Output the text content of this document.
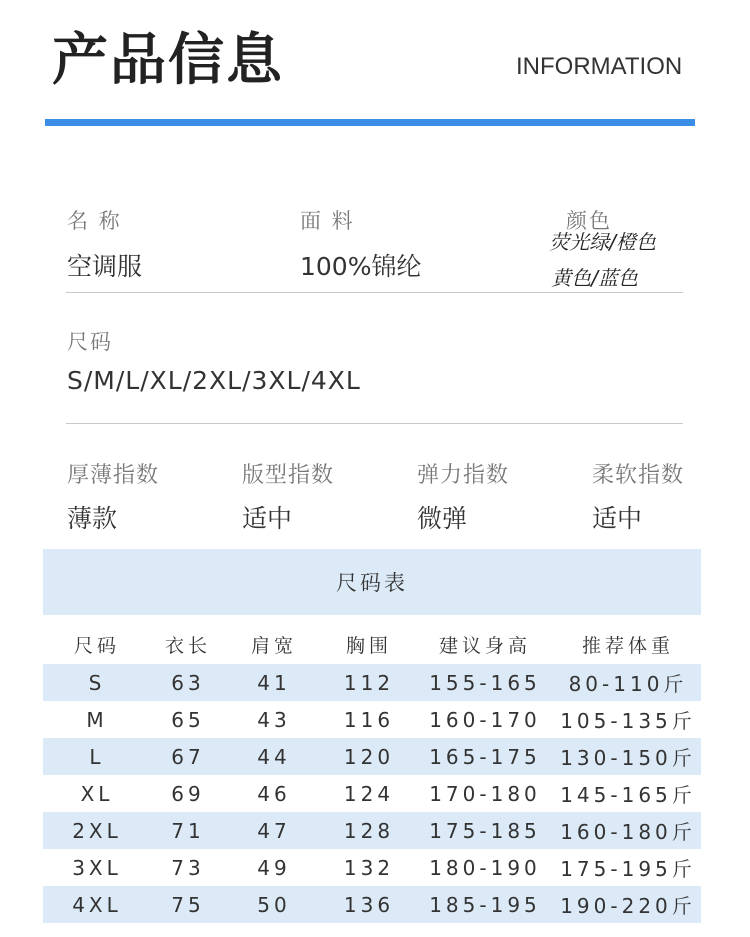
产品信息	INFORMATION
名 称
空调服
面 料
100%锦纶
颜色
荧光绿/橙色
黄色/蓝色
尺码
S/M/L/XL/2XL/3XL/4XL
厚薄指数
薄款
版型指数
适中
弹力指数
微弹
柔软指数
适中
尺码表
尺码	衣长	肩宽	胸围	建议身高	推荐体重
S	63	41	112	155-165	80-110斤
M	65	43	116	160-170 105-135斤
L	67	44	120	165-175 130-150斤
XL	69	46	124	170-180 145-165斤
2XL	71	47	128	175-185 160-180斤
3XL	73	49	132	180-190 175-195斤
4XL	75	50	136	185-195 190-220斤
